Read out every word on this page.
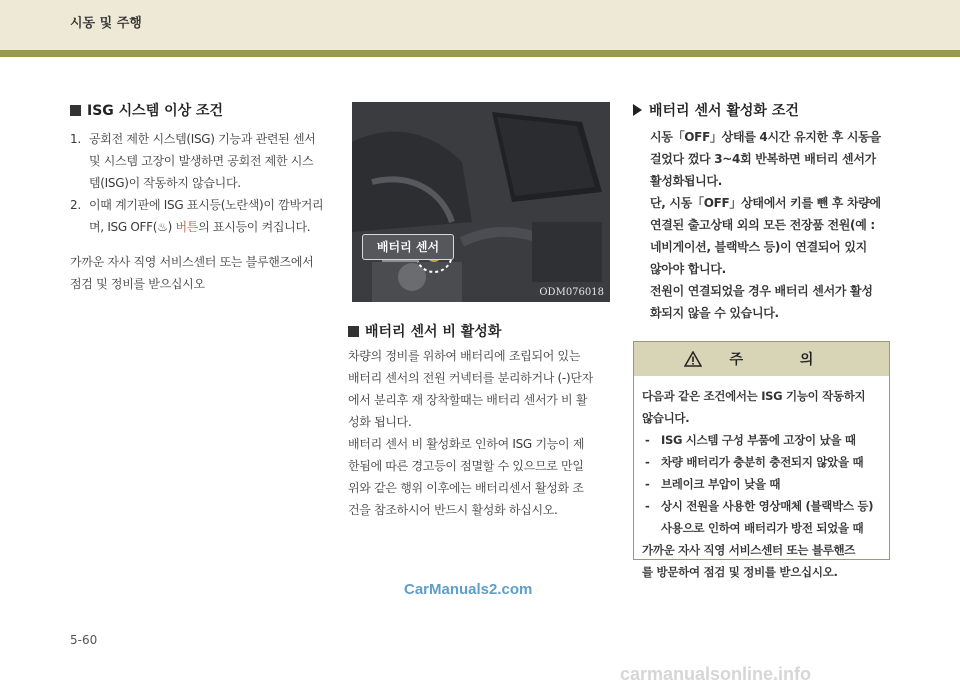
시동 및 주행
ISG 시스템 이상 조건
1. 공회전 제한 시스템(ISG) 기능과 관련된 센서
및 시스템 고장이 발생하면 공회전 제한 시스
템(ISG)이 작동하지 않습니다.
2. 이때 계기판에 ISG 표시등(노란색)이 깜박거리
며, ISG OFF(♨) 버튼의 표시등이 켜집니다.
가까운 자사 직영 서비스센터 또는 블루핸즈에서
점검 및 정비를 받으십시오
배터리 센서
ODM076018
배터리 센서 비 활성화
차량의 정비를 위하여 배터리에 조립되어 있는
배터리 센서의 전원 커넥터를 분리하거나 (-)단자
에서 분리후 재 장착할때는 배터리 센서가 비 활
성화 됩니다.
배터리 센서 비 활성화로 인하여 ISG 기능이 제
한됨에 따른 경고등이 점멸할 수 있으므로 만일
위와 같은 행위 이후에는 배터리센서 활성화 조
건을 참조하시어 반드시 활성화 하십시오.
배터리 센서 활성화 조건
시동「OFF」상태를 4시간 유지한 후 시동을
걸었다 껐다 3~4회 반복하면 배터리 센서가
활성화됩니다.
단, 시동「OFF」상태에서 키를 뺀 후 차량에
연결된 출고상태 외의 모든 전장품 전원(예 :
네비게이션, 블랙박스 등)이 연결되어 있지
않아야 합니다.
전원이 연결되었을 경우 배터리 센서가 활성
화되지 않을 수 있습니다.
주 의
다음과 같은 조건에서는 ISG 기능이 작동하지
않습니다.
- ISG 시스템 구성 부품에 고장이 났을 때
- 차량 배터리가 충분히 충전되지 않았을 때
- 브레이크 부압이 낮을 때
- 상시 전원을 사용한 영상매체 (블랙박스 등)
사용으로 인하여 배터리가 방전 되었을 때
가까운 자사 직영 서비스센터 또는 블루핸즈
를 방문하여 점검 및 정비를 받으십시오.
CarManuals2.com
5-60
carmanualsonline.info
